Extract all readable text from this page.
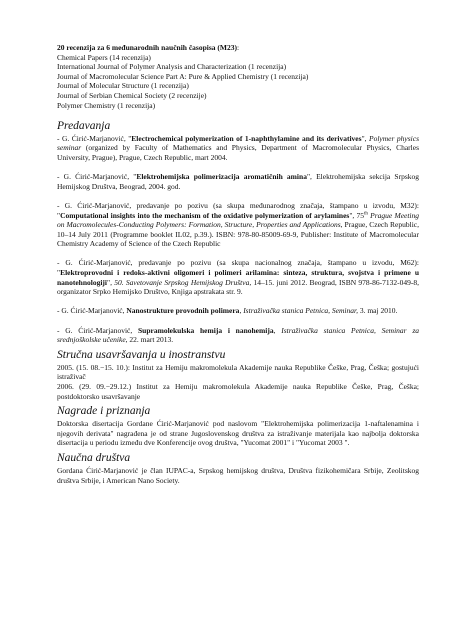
20 recenzija za 6 međunarodnih naučnih časopisa (M23):

Chemical Papers (14 recenzija)

International Journal of Polymer Analysis and Characterization (1 recenzija)

Journal of Macromolecular Science Part A: Pure & Applied Chemistry (1 recenzija)

Journal of Molecular Structure (1 recenzija)

Journal of Serbian Chemical Society (2 recenzije)

Polymer Chemistry (1 recenzija)

Predavanja

- G. Ćirić-Marjanović, "Electrochemical polymerization of 1-naphthylamine and its derivatives", Polymer physics seminar (organized by Faculty of Mathematics and Physics, Department of Macromolecular Physics, Charles University, Prague), Prague, Czech Republic, mart 2004.

- G. Ćirić-Marjanović, "Elektrohemijska polimerizacija aromatičnih amina", Elektrohemijska sekcija Srpskog Hemijskog Društva, Beograd, 2004. god.

- G. Ćirić-Marjanović, predavanje po pozivu (sa skupa međunarodnog značaja, štampano u izvodu, M32): "Computational insights into the mechanism of the oxidative polymerization of arylamines", 75th Prague Meeting on Macromolecules-Conducting Polymers: Formation, Structure, Properties and Applications, Prague, Czech Republic, 10–14 July 2011 (Programme booklet IL02, p.39.). ISBN: 978-80-85009-69-9, Publisher: Institute of Macromolecular Chemistry Academy of Science of the Czech Republic

- G. Ćirić-Marjanović, predavanje po pozivu (sa skupa nacionalnog značaja, štampano u izvodu, M62): "Elektroprovodni i redoks-aktivni oligomeri i polimeri arilamina: sinteza, struktura, svojstva i primene u nanotehnologiji", 50. Savetovanje Srpskog Hemijskog Društva, 14–15. juni 2012. Beograd, ISBN 978-86-7132-049-8, organizator Srpko Hemijsko Društvo, Knjiga apstrakata str. 9.

- G. Ćirić-Marjanović, Nanostrukture provodnih polimera, Istraživačka stanica Petnica, Seminar, 3. maj 2010.

- G. Ćirić-Marjanović, Supramolekulska hemija i nanohemija, Istraživačka stanica Petnica, Seminar za srednjoškolske učenike, 22. mart 2013.

Stručna usavršavanja u inostranstvu

2005. (15. 08.−15. 10.): Institut za Hemiju makromolekula Akademije nauka Republike Češke, Prag, Češka; gostujući istraživač

2006. (29. 09.−29.12.) Institut za Hemiju makromolekula Akademije nauka Republike Češke, Prag, Češka; postdoktorsko usavršavanje

Nagrade i priznanja

Doktorska disertacija Gordane Ćirić-Marjanović pod naslovom "Elektrohemijska polimerizacija 1-naftalenamina i njegovih derivata" nagrađena je od strane Jugoslovenskog društva za istraživanje materijala kao najbolja doktorska disertacija u periodu između dve Konferencije ovog društva, "Yucomat 2001" i "Yucomat 2003 ".

Naučna društva

Gordana Ćirić-Marjanović je član IUPAC-a, Srpskog hemijskog društva, Društva fizikohemičara Srbije, Zeolitskog društva Srbije, i American Nano Society.
